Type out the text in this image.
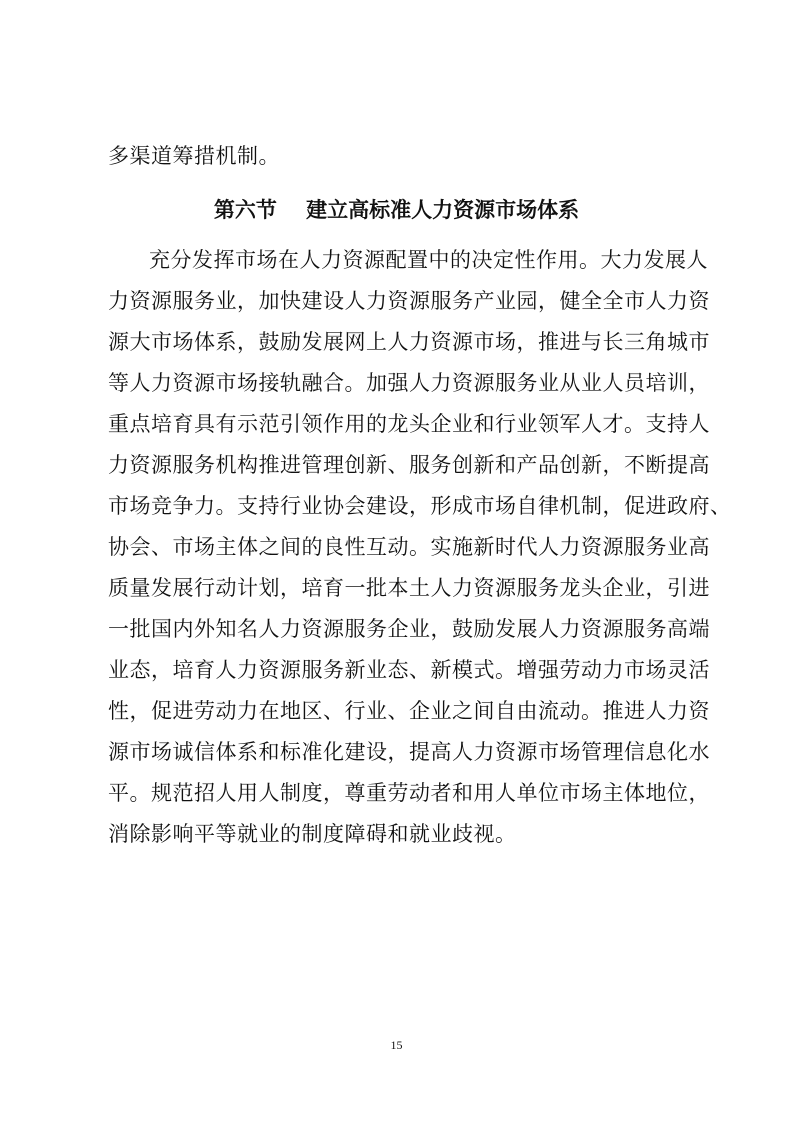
多渠道筹措机制。
第六节    建立高标准人力资源市场体系
充分发挥市场在人力资源配置中的决定性作用。大力发展人
力资源服务业，加快建设人力资源服务产业园，健全全市人力资
源大市场体系，鼓励发展网上人力资源市场，推进与长三角城市
等人力资源市场接轨融合。加强人力资源服务业从业人员培训，
重点培育具有示范引领作用的龙头企业和行业领军人才。支持人
力资源服务机构推进管理创新、服务创新和产品创新，不断提高
市场竞争力。支持行业协会建设，形成市场自律机制，促进政府、
协会、市场主体之间的良性互动。实施新时代人力资源服务业高
质量发展行动计划，培育一批本土人力资源服务龙头企业，引进
一批国内外知名人力资源服务企业，鼓励发展人力资源服务高端
业态，培育人力资源服务新业态、新模式。增强劳动力市场灵活
性，促进劳动力在地区、行业、企业之间自由流动。推进人力资
源市场诚信体系和标准化建设，提高人力资源市场管理信息化水
平。规范招人用人制度，尊重劳动者和用人单位市场主体地位，
消除影响平等就业的制度障碍和就业歧视。
15
